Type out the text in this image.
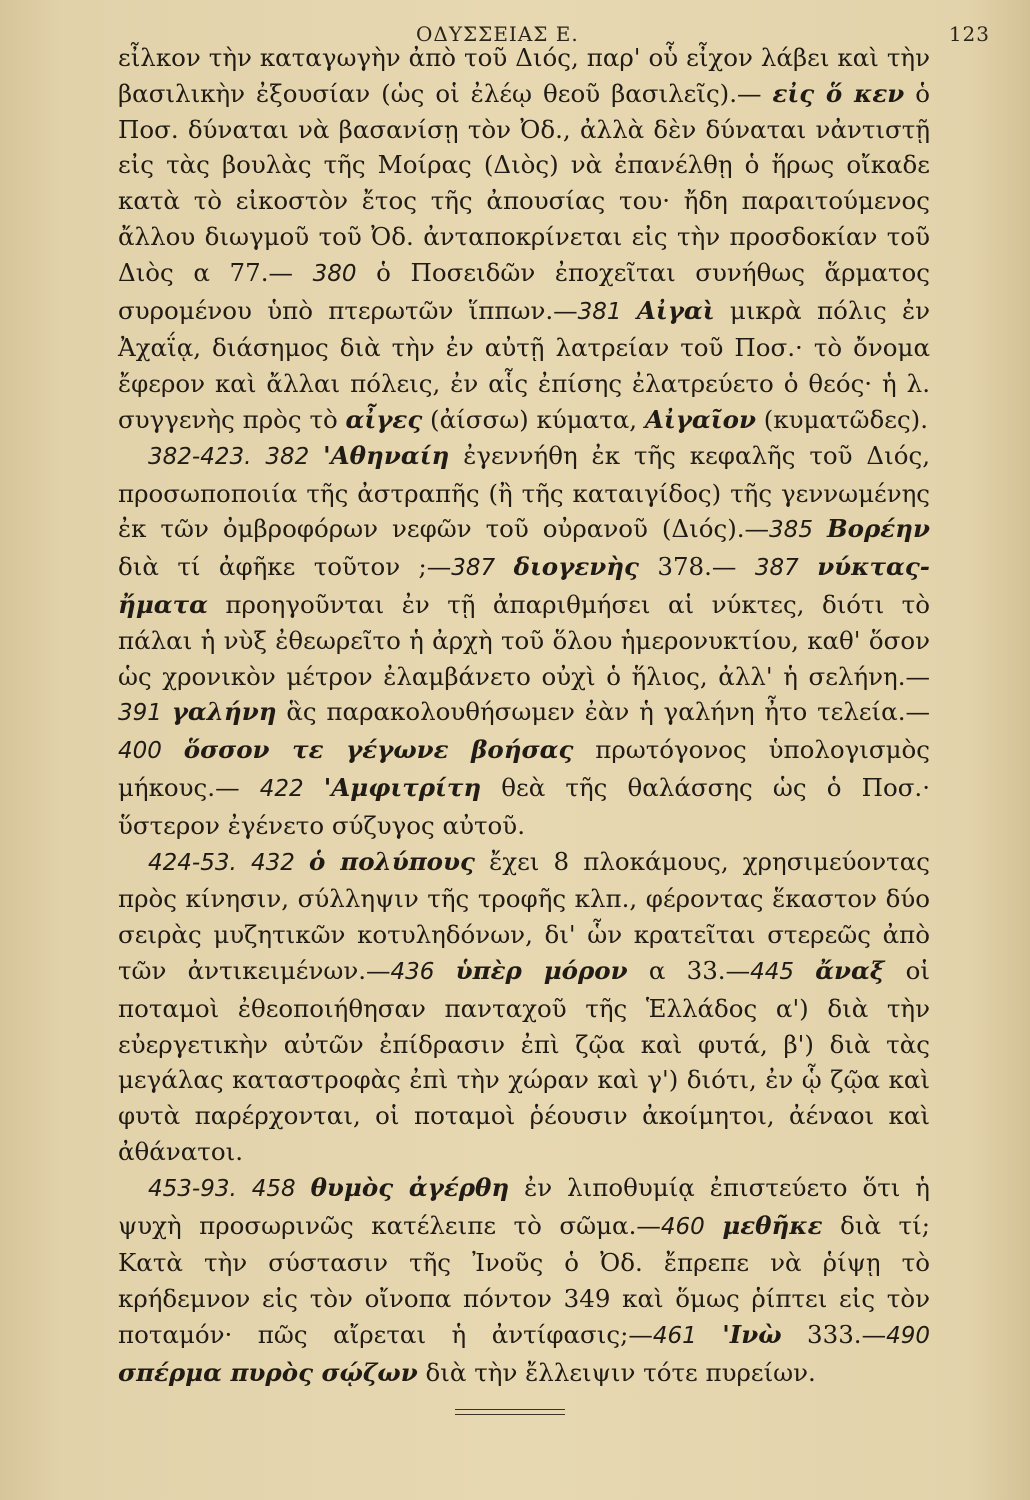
ΟΔΥΣΣΕΙΑΣ Ε.	123

εἶλκον τὴν καταγωγὴν ἀπὸ τοῦ Διός, παρ' οὗ εἶχον λάβει καὶ τὴν βασιλικὴν ἐξουσίαν (ὡς οἱ ἐλέῳ θεοῦ βασιλεῖς).— εἰς ὅ κεν ὁ Ποσ. δύναται νὰ βασανίσῃ τὸν Ὀδ., ἀλλὰ δὲν δύναται νἀντιστῇ εἰς τὰς βουλὰς τῆς Μοίρας (Διὸς) νὰ ἐπανέλθῃ ὁ ἥρως οἴκαδε κατὰ τὸ εἰκοστὸν ἔτος τῆς ἀπουσίας του· ἤδη παραιτούμενος ἄλλου διωγμοῦ τοῦ Ὀδ. ἀνταποκρίνεται εἰς τὴν προσδοκίαν τοῦ Διὸς α 77.— 380 ὁ Ποσειδῶν ἐποχεῖται συνήθως ἅρματος συρομένου ὑπὸ πτερωτῶν ἵππων.—381 Αἰγαὶ μικρὰ πόλις ἐν Ἀχαΐᾳ, διάσημος διὰ τὴν ἐν αὐτῇ λατρείαν τοῦ Ποσ.· τὸ ὄνομα ἔφερον καὶ ἄλλαι πόλεις, ἐν αἷς ἐπίσης ἐλατρεύετο ὁ θεός· ἡ λ. συγγενὴς πρὸς τὸ αἶγες (ἀίσσω) κύματα, Αἰγαῖον (κυματῶδες).

382-423. 382 'Αθηναίη ἐγεννήθη ἐκ τῆς κεφαλῆς τοῦ Διός, προσωποποιία τῆς ἀστραπῆς (ἢ τῆς καταιγίδος) τῆς γεννωμένης ἐκ τῶν ὀμβροφόρων νεφῶν τοῦ οὐρανοῦ (Διός).—385 Βορέην διὰ τί ἀφῆκε τοῦτον ;—387 διογενὴς 378.— 387 νύκτας-ἤματα προηγοῦνται ἐν τῇ ἀπαριθμήσει αἱ νύκτες, διότι τὸ πάλαι ἡ νὺξ ἐθεωρεῖτο ἡ ἀρχὴ τοῦ ὅλου ἡμερονυκτίου, καθ' ὅσον ὡς χρονικὸν μέτρον ἐλαμβάνετο οὐχὶ ὁ ἥλιος, ἀλλ' ἡ σελήνη.— 391 γαλήνη ἃς παρακολουθήσωμεν ἐὰν ἡ γαλήνη ἦτο τελεία.—400 ὅσσον τε γέγωνε βοήσας πρωτόγονος ὑπολογισμὸς μήκους.— 422 'Αμφιτρίτη θεὰ τῆς θαλάσσης ὡς ὁ Ποσ.· ὕστερον ἐγένετο σύζυγος αὐτοῦ.

424-53. 432 ὁ πολύπους ἔχει 8 πλοκάμους, χρησιμεύοντας πρὸς κίνησιν, σύλληψιν τῆς τροφῆς κλπ., φέροντας ἕκαστον δύο σειρὰς μυζητικῶν κοτυληδόνων, δι' ὧν κρατεῖται στερεῶς ἀπὸ τῶν ἀντικειμένων.—436 ὑπὲρ μόρον α 33.—445 ἄναξ οἱ ποταμοὶ ἐθεοποιήθησαν πανταχοῦ τῆς Ἑλλάδος α') διὰ τὴν εὐεργετικὴν αὐτῶν ἐπίδρασιν ἐπὶ ζῷα καὶ φυτά, β') διὰ τὰς μεγάλας καταστροφὰς ἐπὶ τὴν χώραν καὶ γ') διότι, ἐν ᾧ ζῷα καὶ φυτὰ παρέρχονται, οἱ ποταμοὶ ῥέουσιν ἀκοίμητοι, ἀέναοι καὶ ἀθάνατοι.

453-93. 458 θυμὸς ἀγέρθη ἐν λιποθυμίᾳ ἐπιστεύετο ὅτι ἡ ψυχὴ προσωρινῶς κατέλειπε τὸ σῶμα.—460 μεθῆκε διὰ τί; Κατὰ τὴν σύστασιν τῆς Ἰνοῦς ὁ Ὀδ. ἔπρεπε νὰ ῥίψῃ τὸ κρήδεμνον εἰς τὸν οἴνοπα πόντον 349 καὶ ὅμως ῥίπτει εἰς τὸν ποταμόν· πῶς αἴρεται ἡ ἀντίφασις;—461 'Ινὼ 333.—490 σπέρμα πυρὸς σῴζων διὰ τὴν ἔλλειψιν τότε πυρείων.
